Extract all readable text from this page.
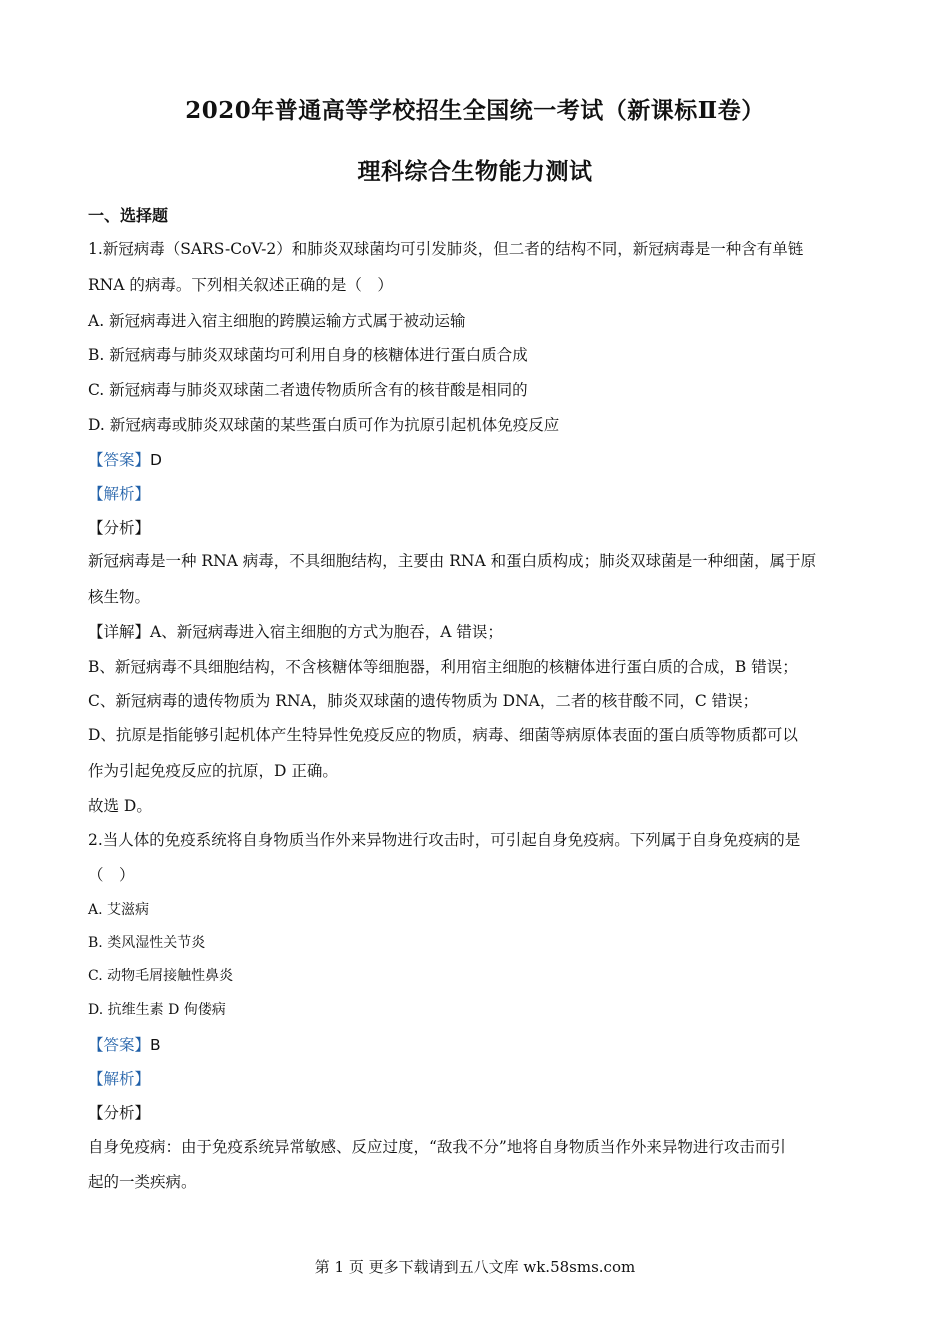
2020年普通高等学校招生全国统一考试（新课标Ⅱ卷）
理科综合生物能力测试
一、选择题
1.新冠病毒（SARS-CoV-2）和肺炎双球菌均可引发肺炎，但二者的结构不同，新冠病毒是一种含有单链
RNA 的病毒。下列相关叙述正确的是（　）
A. 新冠病毒进入宿主细胞的跨膜运输方式属于被动运输
B. 新冠病毒与肺炎双球菌均可利用自身的核糖体进行蛋白质合成
C. 新冠病毒与肺炎双球菌二者遗传物质所含有的核苷酸是相同的
D. 新冠病毒或肺炎双球菌的某些蛋白质可作为抗原引起机体免疫反应
【答案】D
【解析】
【分析】
新冠病毒是一种 RNA 病毒，不具细胞结构，主要由 RNA 和蛋白质构成；肺炎双球菌是一种细菌，属于原
核生物。
【详解】A、新冠病毒进入宿主细胞的方式为胞吞，A 错误；
B、新冠病毒不具细胞结构，不含核糖体等细胞器，利用宿主细胞的核糖体进行蛋白质的合成，B 错误；
C、新冠病毒的遗传物质为 RNA，肺炎双球菌的遗传物质为 DNA，二者的核苷酸不同，C 错误；
D、抗原是指能够引起机体产生特异性免疫反应的物质，病毒、细菌等病原体表面的蛋白质等物质都可以
作为引起免疫反应的抗原，D 正确。
故选 D。
2.当人体的免疫系统将自身物质当作外来异物进行攻击时，可引起自身免疫病。下列属于自身免疫病的是
（　）
A. 艾滋病
B. 类风湿性关节炎
C. 动物毛屑接触性鼻炎
D. 抗维生素 D 佝偻病
【答案】B
【解析】
【分析】
自身免疫病：由于免疫系统异常敏感、反应过度，“敌我不分”地将自身物质当作外来异物进行攻击而引
起的一类疾病。
第 1 页 更多下载请到五八文库 wk.58sms.com
